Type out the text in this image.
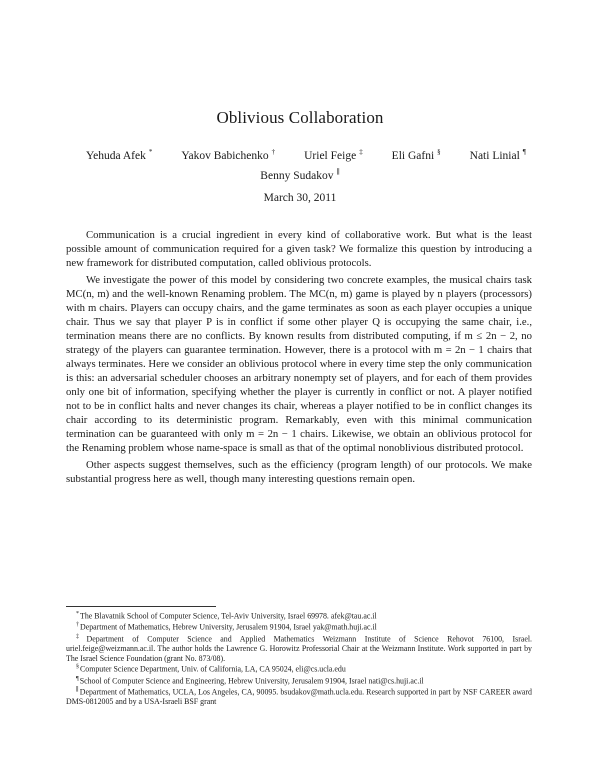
Oblivious Collaboration
Yehuda Afek *	Yakov Babichenko †	Uriel Feige ‡	Eli Gafni §	Nati Linial ¶
Benny Sudakov ∥
March 30, 2011

Communication is a crucial ingredient in every kind of collaborative work. But what is the least possible amount of communication required for a given task? We formalize this question by introducing a new framework for distributed computation, called oblivious protocols.

We investigate the power of this model by considering two concrete examples, the musical chairs task MC(n, m) and the well-known Renaming problem. The MC(n, m) game is played by n players (processors) with m chairs. Players can occupy chairs, and the game terminates as soon as each player occupies a unique chair. Thus we say that player P is in conflict if some other player Q is occupying the same chair, i.e., termination means there are no conflicts. By known results from distributed computing, if m ≤ 2n − 2, no strategy of the players can guarantee termination. However, there is a protocol with m = 2n − 1 chairs that always terminates. Here we consider an oblivious protocol where in every time step the only communication is this: an adversarial scheduler chooses an arbitrary nonempty set of players, and for each of them provides only one bit of information, specifying whether the player is currently in conflict or not. A player notified not to be in conflict halts and never changes its chair, whereas a player notified to be in conflict changes its chair according to its deterministic program. Remarkably, even with this minimal communication termination can be guaranteed with only m = 2n − 1 chairs. Likewise, we obtain an oblivious protocol for the Renaming problem whose name-space is small as that of the optimal nonoblivious distributed protocol.

Other aspects suggest themselves, such as the efficiency (program length) of our protocols. We make substantial progress here as well, though many interesting questions remain open.

*The Blavatnik School of Computer Science, Tel-Aviv University, Israel 69978. afek@tau.ac.il

†Department of Mathematics, Hebrew University, Jerusalem 91904, Israel yak@math.huji.ac.il

‡Department of Computer Science and Applied Mathematics Weizmann Institute of Science Rehovot 76100, Israel. uriel.feige@weizmann.ac.il. The author holds the Lawrence G. Horowitz Professorial Chair at the Weizmann Institute. Work supported in part by The Israel Science Foundation (grant No. 873/08).

§Computer Science Department, Univ. of California, LA, CA 95024, eli@cs.ucla.edu

¶School of Computer Science and Engineering, Hebrew University, Jerusalem 91904, Israel nati@cs.huji.ac.il

∥Department of Mathematics, UCLA, Los Angeles, CA, 90095. bsudakov@math.ucla.edu. Research supported in part by NSF CAREER award DMS-0812005 and by a USA-Israeli BSF grant
